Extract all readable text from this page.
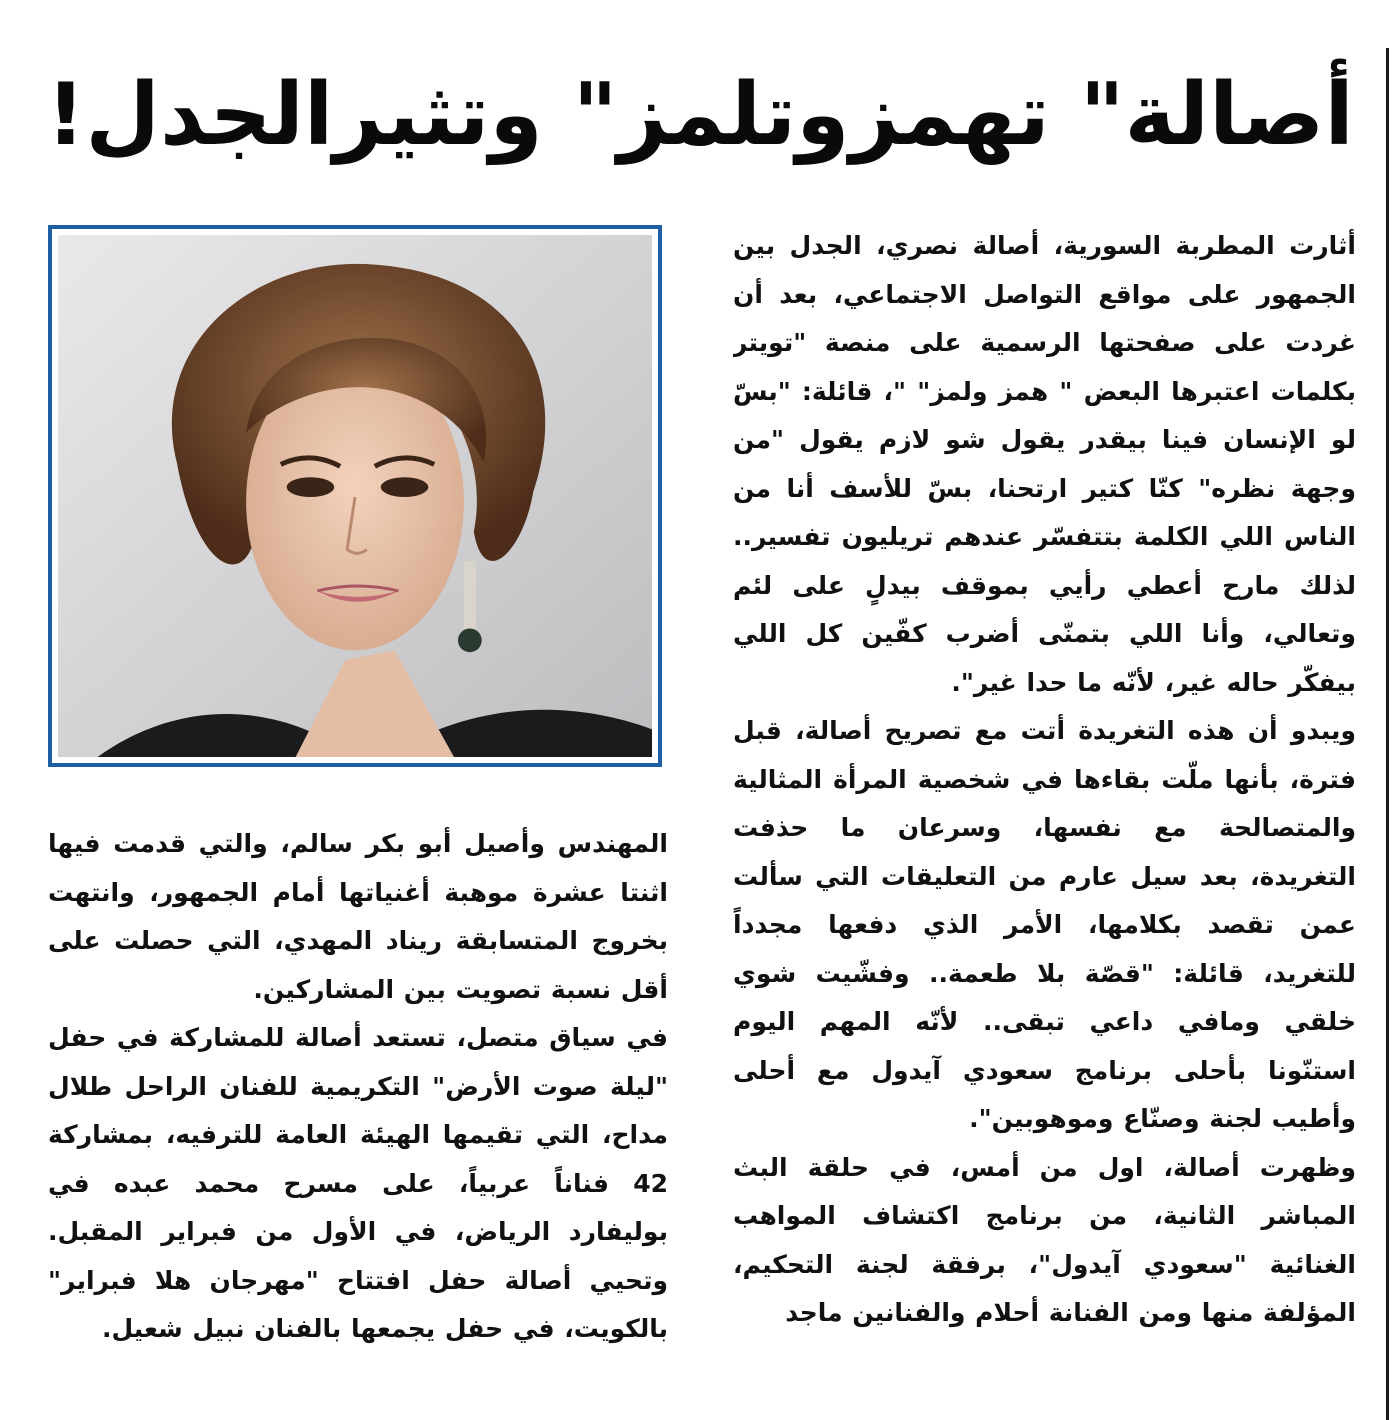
أصالة" تهمزوتلمز" وتثيرالجدل!

أثارت المطربة السورية، أصالة نصري، الجدل بين الجمهور على مواقع التواصل الاجتماعي، بعد أن غردت على صفحتها الرسمية على منصة "تويتر بكلمات اعتبرها البعض " همز ولمز" "، قائلة: "بسّ لو الإنسان فينا بيقدر يقول شو لازم يقول "من وجهة نظره" كنّا كتير ارتحنا، بسّ للأسف أنا من الناس اللي الكلمة بتتفسّر عندهم تريليون تفسير.. لذلك مارح أعطي رأيي بموقف بيدلٍ على لئم وتعالي، وأنا اللي بتمنّى أضرب كفّين كل اللي بيفكّر حاله غير، لأنّه ما حدا غير".

ويبدو أن هذه التغريدة أتت مع تصريح أصالة، قبل فترة، بأنها ملّت بقاءها في شخصية المرأة المثالية والمتصالحة مع نفسها، وسرعان ما حذفت التغريدة، بعد سيل عارم من التعليقات التي سألت عمن تقصد بكلامها، الأمر الذي دفعها مجدداً للتغريد، قائلة: "قصّة بلا طعمة.. وفشّيت شوي خلقي ومافي داعي تبقى.. لأنّه المهم اليوم استنّونا بأحلى برنامج سعودي آيدول مع أحلى وأطيب لجنة وصنّاع وموهوبين".

وظهرت أصالة، اول من أمس، في حلقة البث المباشر الثانية، من برنامج اكتشاف المواهب الغنائية "سعودي آيدول"، برفقة لجنة التحكيم، المؤلفة منها ومن الفنانة أحلام والفنانين ماجد

المهندس وأصيل أبو بكر سالم، والتي قدمت فيها اثنتا عشرة موهبة أغنياتها أمام الجمهور، وانتهت بخروج المتسابقة ريناد المهدي، التي حصلت على أقل نسبة تصويت بين المشاركين.

في سياق متصل، تستعد أصالة للمشاركة في حفل "ليلة صوت الأرض" التكريمية للفنان الراحل طلال مداح، التي تقيمها الهيئة العامة للترفيه، بمشاركة 42 فناناً عربياً، على مسرح محمد عبده في بوليفارد الرياض، في الأول من فبراير المقبل. وتحيي أصالة حفل افتتاح "مهرجان هلا فبراير" بالكويت، في حفل يجمعها بالفنان نبيل شعيل.
